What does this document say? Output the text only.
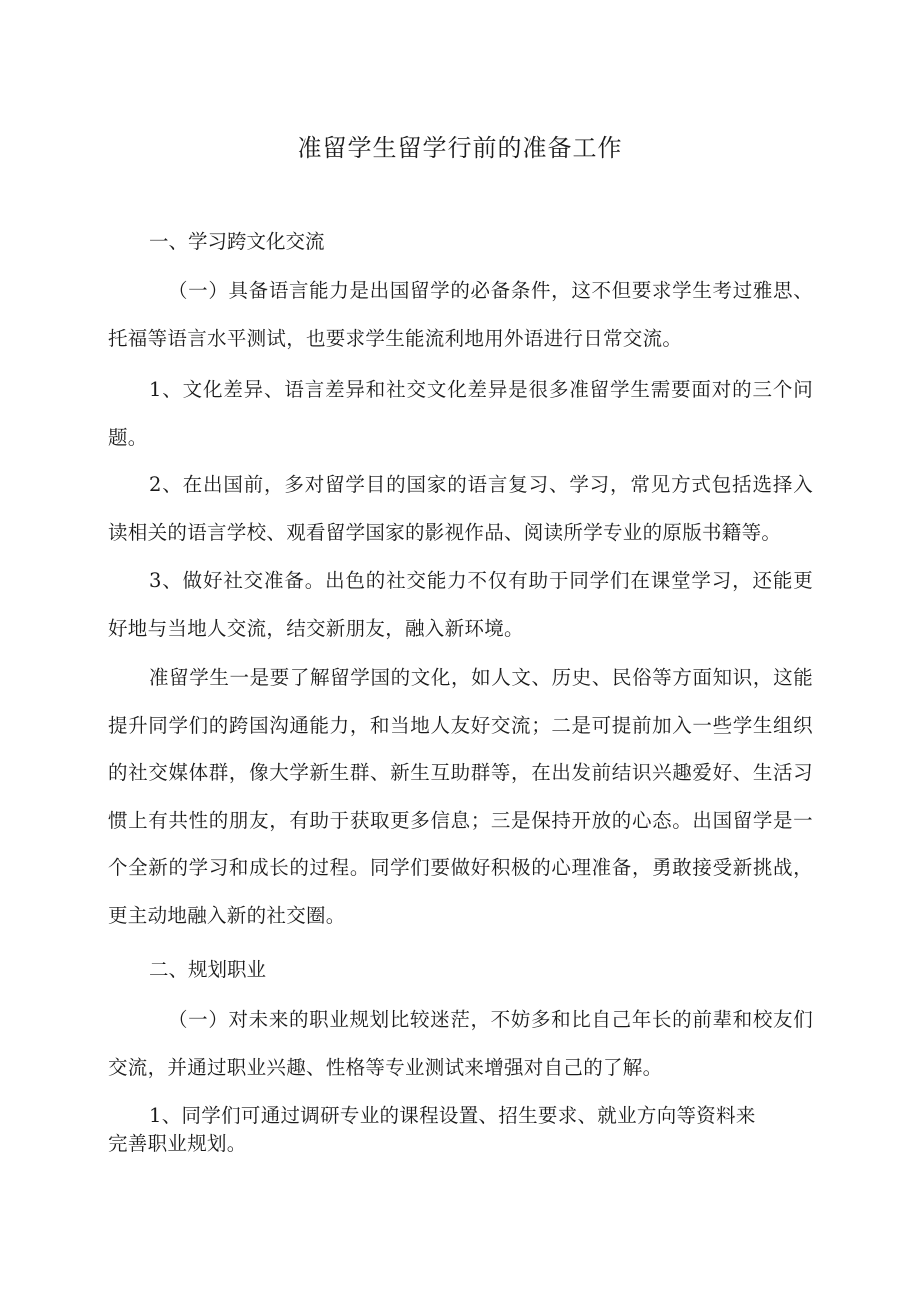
准留学生留学行前的准备工作

一、学习跨文化交流

（一）具备语言能力是出国留学的必备条件，这不但要求学生考过雅思、托福等语言水平测试，也要求学生能流利地用外语进行日常交流。

1、文化差异、语言差异和社交文化差异是很多准留学生需要面对的三个问题。

2、在出国前，多对留学目的国家的语言复习、学习，常见方式包括选择入读相关的语言学校、观看留学国家的影视作品、阅读所学专业的原版书籍等。

3、做好社交准备。出色的社交能力不仅有助于同学们在课堂学习，还能更好地与当地人交流，结交新朋友，融入新环境。

准留学生一是要了解留学国的文化，如人文、历史、民俗等方面知识，这能提升同学们的跨国沟通能力，和当地人友好交流；二是可提前加入一些学生组织的社交媒体群，像大学新生群、新生互助群等，在出发前结识兴趣爱好、生活习惯上有共性的朋友，有助于获取更多信息；三是保持开放的心态。出国留学是一个全新的学习和成长的过程。同学们要做好积极的心理准备，勇敢接受新挑战，更主动地融入新的社交圈。

二、规划职业

（一）对未来的职业规划比较迷茫，不妨多和比自己年长的前辈和校友们交流，并通过职业兴趣、性格等专业测试来增强对自己的了解。

1、同学们可通过调研专业的课程设置、招生要求、就业方向等资料来

完善职业规划。
